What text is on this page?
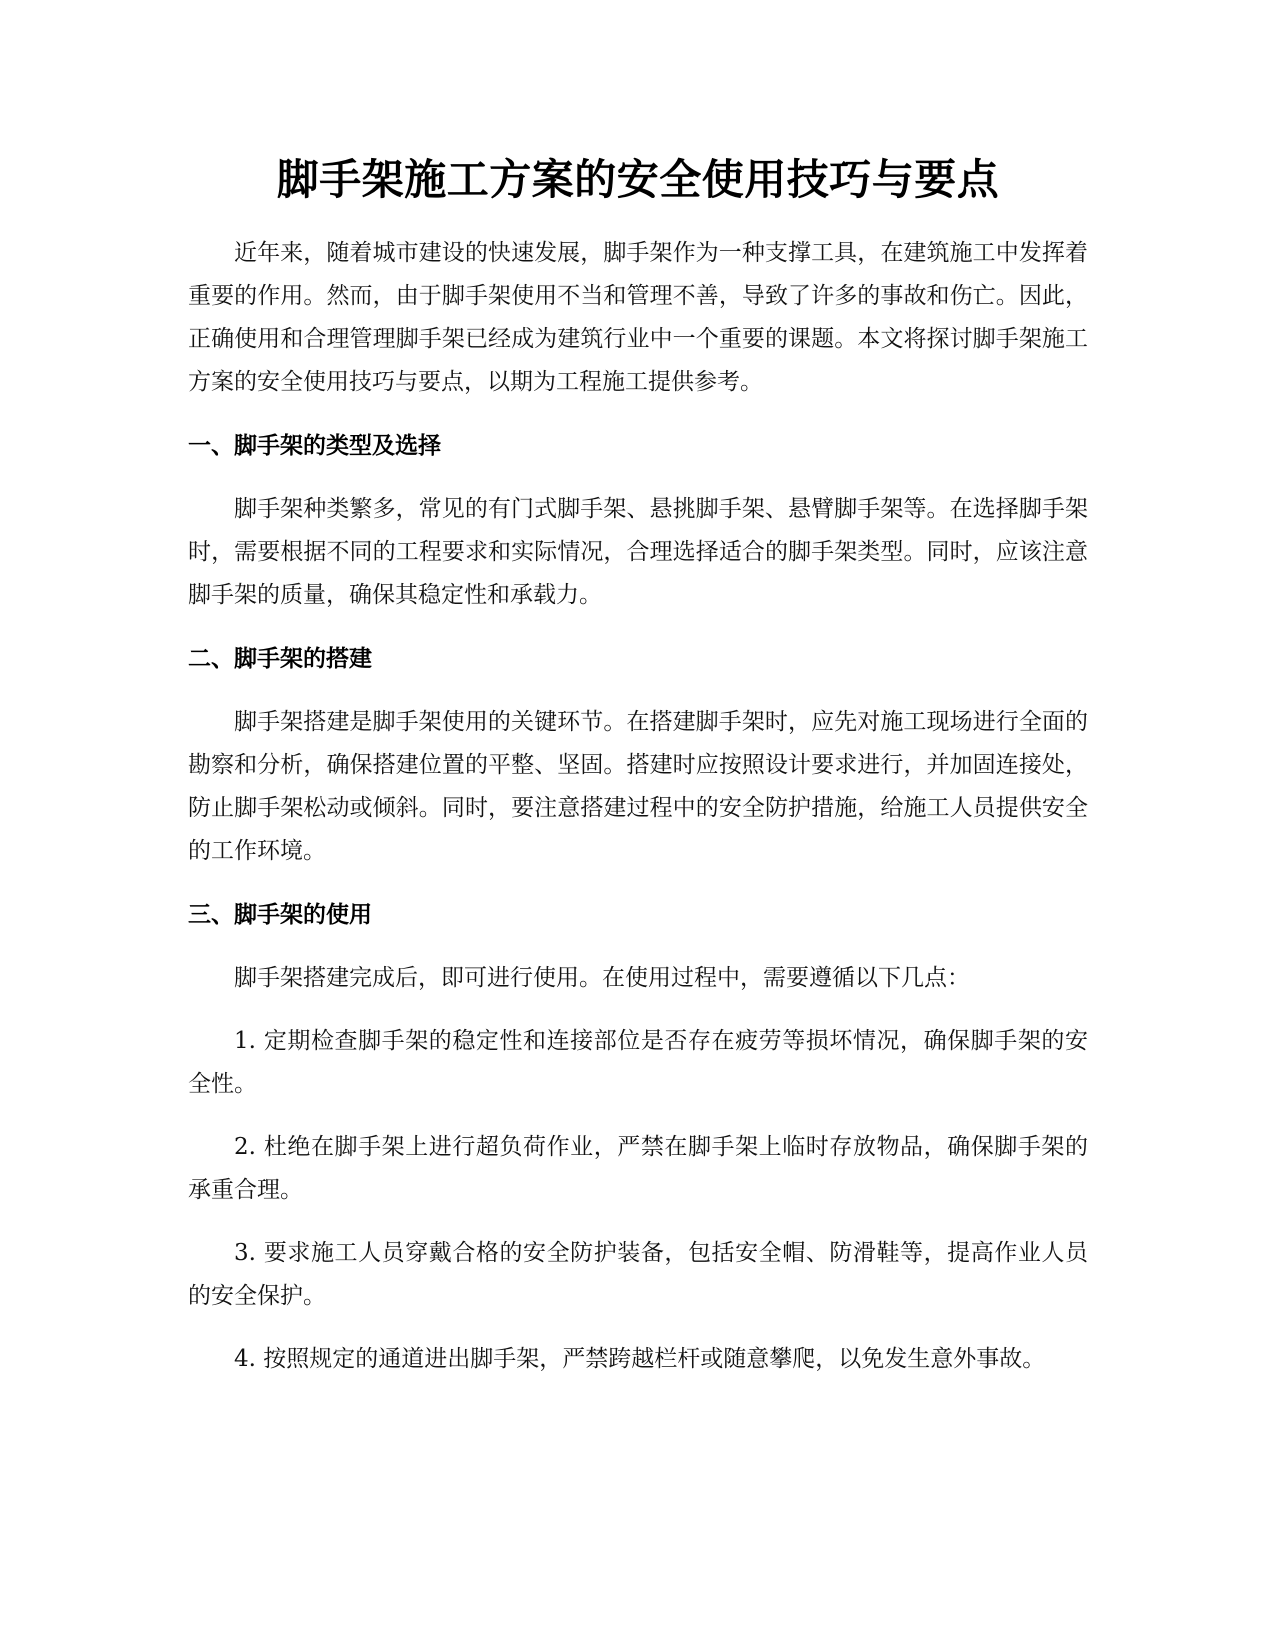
脚手架施工方案的安全使用技巧与要点

近年来，随着城市建设的快速发展，脚手架作为一种支撑工具，在建筑施工中发挥着重要的作用。然而，由于脚手架使用不当和管理不善，导致了许多的事故和伤亡。因此，正确使用和合理管理脚手架已经成为建筑行业中一个重要的课题。本文将探讨脚手架施工方案的安全使用技巧与要点，以期为工程施工提供参考。

一、脚手架的类型及选择

脚手架种类繁多，常见的有门式脚手架、悬挑脚手架、悬臂脚手架等。在选择脚手架时，需要根据不同的工程要求和实际情况，合理选择适合的脚手架类型。同时，应该注意脚手架的质量，确保其稳定性和承载力。

二、脚手架的搭建

脚手架搭建是脚手架使用的关键环节。在搭建脚手架时，应先对施工现场进行全面的勘察和分析，确保搭建位置的平整、坚固。搭建时应按照设计要求进行，并加固连接处，防止脚手架松动或倾斜。同时，要注意搭建过程中的安全防护措施，给施工人员提供安全的工作环境。

三、脚手架的使用

脚手架搭建完成后，即可进行使用。在使用过程中，需要遵循以下几点：

1. 定期检查脚手架的稳定性和连接部位是否存在疲劳等损坏情况，确保脚手架的安全性。

2. 杜绝在脚手架上进行超负荷作业，严禁在脚手架上临时存放物品，确保脚手架的承重合理。

3. 要求施工人员穿戴合格的安全防护装备，包括安全帽、防滑鞋等，提高作业人员的安全保护。

4. 按照规定的通道进出脚手架，严禁跨越栏杆或随意攀爬，以免发生意外事故。
